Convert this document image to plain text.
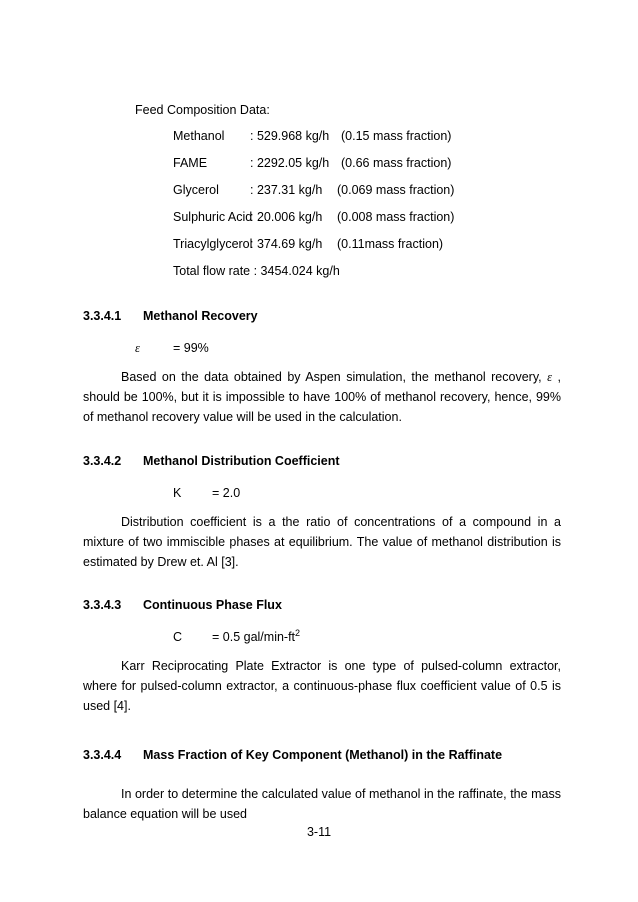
Feed Composition Data:
Methanol : 529.968 kg/h (0.15 mass fraction)
FAME	: 2292.05 kg/h (0.66 mass fraction)
Glycerol : 237.31 kg/h (0.069 mass fraction)
Sulphuric Acid
: 20.006 kg/h (0.008 mass fraction)
Triacylglycerol
: 374.69 kg/h (0.11mass fraction)
Total flow rate : 3454.024 kg/h
3.3.4.1 Methanol Recovery
ε	= 99%
Based on the data obtained by Aspen simulation, the methanol recovery, ε , should be 100%, but it is impossible to have 100% of methanol recovery, hence, 99% of methanol recovery value will be used in the calculation.
3.3.4.2 Methanol Distribution Coefficient
K = 2.0
Distribution coefficient is a the ratio of concentrations of a compound in a mixture of two immiscible phases at equilibrium. The value of methanol distribution is estimated by Drew et. Al [3].
3.3.4.3 Continuous Phase Flux
C = 0.5 gal/$\min-ft^2$
Karr Reciprocating Plate Extractor is one type of pulsed-column extractor, where for pulsed-column extractor, a continuous-phase flux coefficient value of 0.5 is used [4].
3.3.4.4 Mass Fraction of Key Component (Methanol) in the Raffinate
In order to determine the calculated value of methanol in the raffinate, the mass balance equation will be used
3-11
